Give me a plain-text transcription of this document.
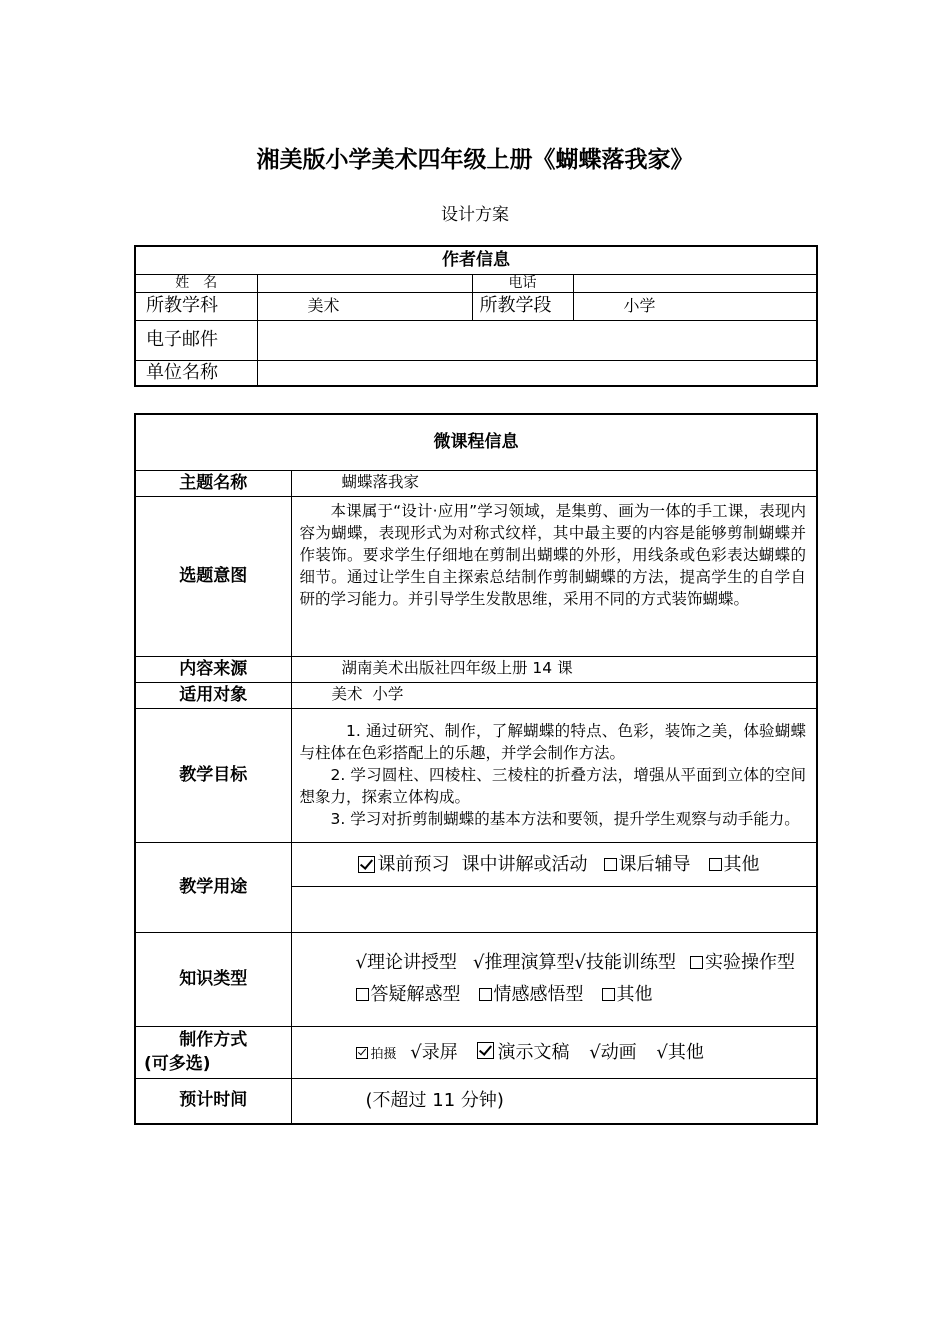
湘美版小学美术四年级上册《蝴蝶落我家》
设计方案
作者信息			
姓　名		电话	
所教学科	美术	所教学段	小学
电子邮件			
单位名称			
微课程信息	
主题名称	蝴蝶落我家
选题意图	本课属于“设计·应用”学习领域，是集剪、画为一体的手工课，表现内容为蝴蝶，表现形式为对称式纹样，其中最主要的内容是能够剪制蝴蝶并作装饰。要求学生仔细地在剪制出蝴蝶的外形，用线条或色彩表达蝴蝶的细节。通过让学生自主探索总结制作剪制蝴蝶的方法，提高学生的自学自研的学习能力。并引导学生发散思维，采用不同的方式装饰蝴蝶。

内容来源	湖南美术出版社四年级上册 14 课
适用对象	美术  小学
教学目标	1. 通过研究、制作，了解蝴蝶的特点、色彩，装饰之美，体验蝴蝶与柱体在色彩搭配上的乐趣，并学会制作方法。
2. 学习圆柱、四棱柱、三棱柱的折叠方法，增强从平面到立体的空间想象力，探索立体构成。
3. 学习对折剪制蝴蝶的基本方法和要领，提升学生观察与动手能力。

教学用途	课前预习 课中讲解或活动 课后辅导 其他

知识类型	√理论讲授型 √推理演算型√技能训练型 实验操作型
答疑解惑型 情感感悟型 其他

制作方式
(可多选)	拍摄 √录屏 演示文稿 √动画 √其他
预计时间	(不超过 11 分钟)
